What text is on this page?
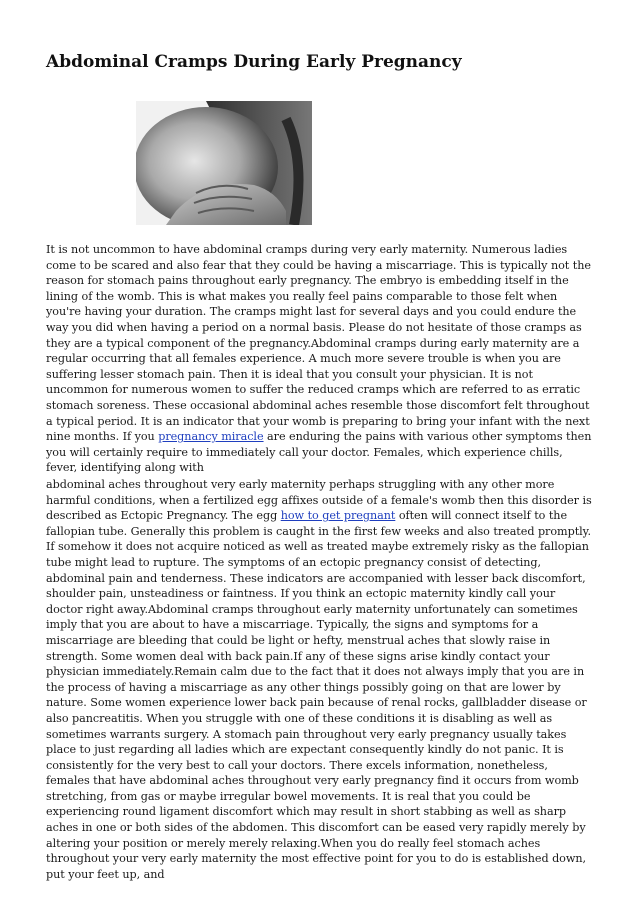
Abdominal Cramps During Early Pregnancy

It is not uncommon to have abdominal cramps during very early maternity. Numerous ladies come to be scared and also fear that they could be having a miscarriage. This is typically not the reason for stomach pains throughout early pregnancy. The embryo is embedding itself in the lining of the womb. This is what makes you really feel pains comparable to those felt when you're having your duration. The cramps might last for several days and you could endure the way you did when having a period on a normal basis. Please do not hesitate of those cramps as they are a typical component of the pregnancy.Abdominal cramps during early maternity are a regular occurring that all females experience. A much more severe trouble is when you are suffering lesser stomach pain. Then it is ideal that you consult your physician. It is not uncommon for numerous women to suffer the reduced cramps which are referred to as erratic stomach soreness. These occasional abdominal aches resemble those discomfort felt throughout a typical period. It is an indicator that your womb is preparing to bring your infant with the next nine months. If you pregnancy miracle are enduring the pains with various other symptoms then you will certainly require to immediately call your doctor. Females, which experience chills, fever, identifying along with

abdominal aches throughout very early maternity perhaps struggling with any other more harmful conditions, when a fertilized egg affixes outside of a female's womb then this disorder is described as Ectopic Pregnancy. The egg how to get pregnant often will connect itself to the fallopian tube. Generally this problem is caught in the first few weeks and also treated promptly. If somehow it does not acquire noticed as well as treated maybe extremely risky as the fallopian tube might lead to rupture. The symptoms of an ectopic pregnancy consist of detecting, abdominal pain and tenderness. These indicators are accompanied with lesser back discomfort, shoulder pain, unsteadiness or faintness. If you think an ectopic maternity kindly call your doctor right away.Abdominal cramps throughout early maternity unfortunately can sometimes imply that you are about to have a miscarriage. Typically, the signs and symptoms for a miscarriage are bleeding that could be light or hefty, menstrual aches that slowly raise in strength. Some women deal with back pain.If any of these signs arise kindly contact your physician immediately.Remain calm due to the fact that it does not always imply that you are in the process of having a miscarriage as any other things possibly going on that are lower by nature. Some women experience lower back pain because of renal rocks, gallbladder disease or also pancreatitis. When you struggle with one of these conditions it is disabling as well as sometimes warrants surgery. A stomach pain throughout very early pregnancy usually takes place to just regarding all ladies which are expectant consequently kindly do not panic. It is consistently for the very best to call your doctors. There excels information, nonetheless, females that have abdominal aches throughout very early pregnancy find it occurs from womb stretching, from gas or maybe irregular bowel movements. It is real that you could be experiencing round ligament discomfort which may result in short stabbing as well as sharp aches in one or both sides of the abdomen. This discomfort can be eased very rapidly merely by altering your position or merely merely relaxing.When you do really feel stomach aches throughout your very early maternity the most effective point for you to do is established down, put your feet up, and
